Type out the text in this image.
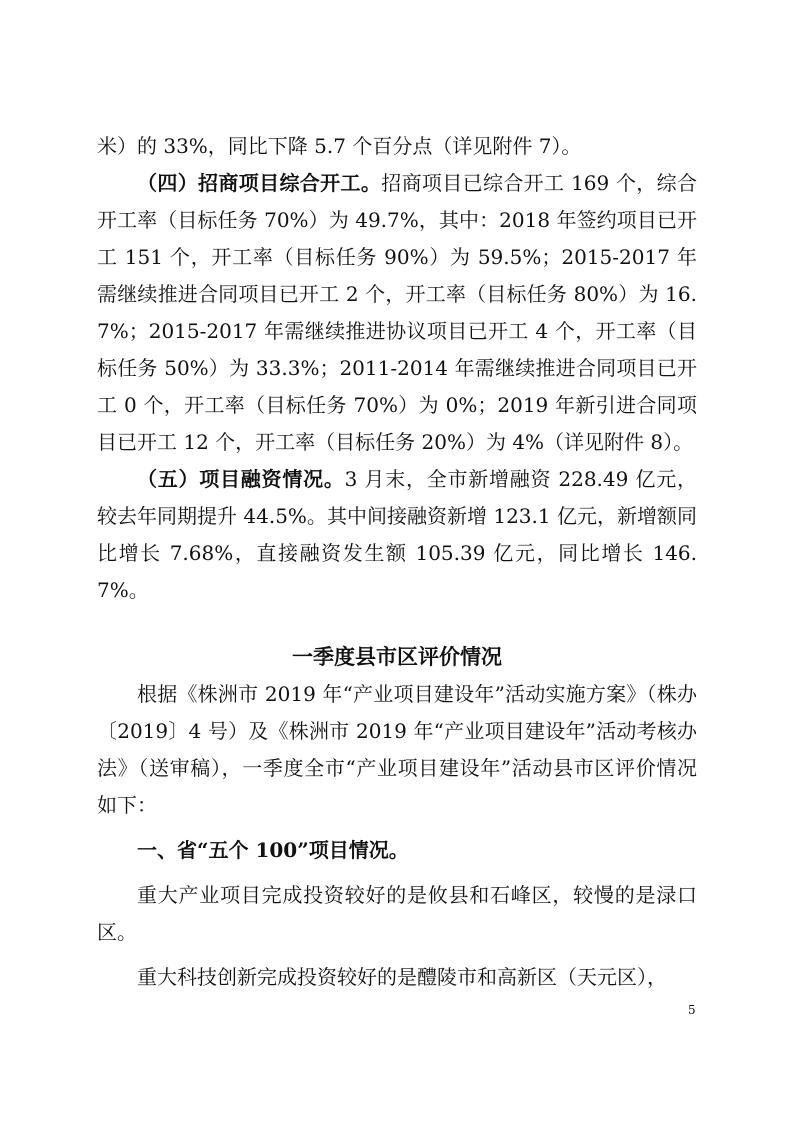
米）的 33%，同比下降 5.7 个百分点（详见附件 7）。

（四）招商项目综合开工。招商项目已综合开工 169 个，综合开工率（目标任务 70%）为 49.7%，其中：2018 年签约项目已开工 151 个，开工率（目标任务 90%）为 59.5%；2015-2017 年需继续推进合同项目已开工 2 个，开工率（目标任务 80%）为 16.7%；2015-2017 年需继续推进协议项目已开工 4 个，开工率（目标任务 50%）为 33.3%；2011-2014 年需继续推进合同项目已开工 0 个，开工率（目标任务 70%）为 0%；2019 年新引进合同项目已开工 12 个，开工率（目标任务 20%）为 4%（详见附件 8）。

（五）项目融资情况。3 月末，全市新增融资 228.49 亿元，较去年同期提升 44.5%。其中间接融资新增 123.1 亿元，新增额同比增长 7.68%，直接融资发生额 105.39 亿元，同比增长 146.7%。

一季度县市区评价情况

根据《株洲市 2019 年“产业项目建设年”活动实施方案》（株办〔2019〕4 号）及《株洲市 2019 年“产业项目建设年”活动考核办法》（送审稿），一季度全市“产业项目建设年”活动县市区评价情况如下：

一、省“五个 100”项目情况。

重大产业项目完成投资较好的是攸县和石峰区，较慢的是渌口区。

重大科技创新完成投资较好的是醴陵市和高新区（天元区），

5
